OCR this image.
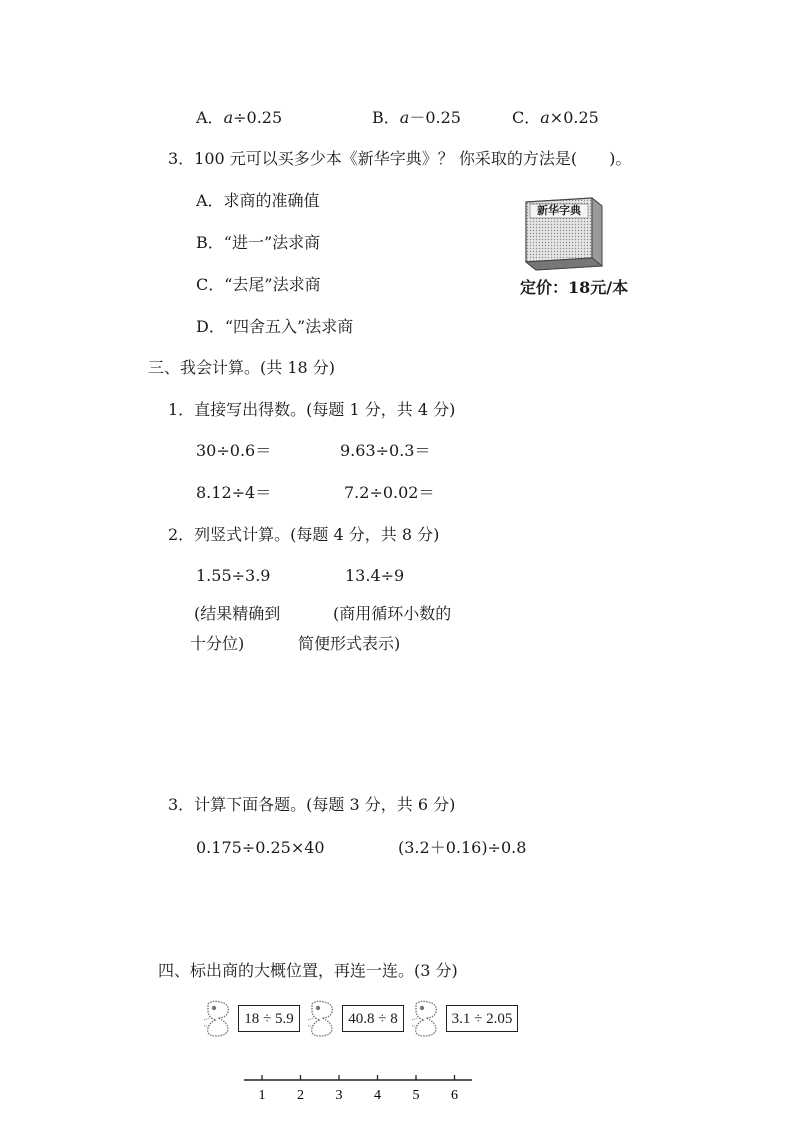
A．a÷0.25	B．a－0.25	C．a×0.25
3．100 元可以买多少本《新华字典》？ 你采取的方法是(　　)。
A．求商的准确值
B．“进一”法求商
C．“去尾”法求商
D．“四舍五入”法求商
新华字典
定价：18元/本
三、我会计算。(共 18 分)
1．直接写出得数。(每题 1 分，共 4 分)
30÷0.6＝	9.63÷0.3＝
8.12÷4＝	7.2÷0.02＝
2．列竖式计算。(每题 4 分，共 8 分)
1.55÷3.9	13.4÷9
(结果精确到
十分位)
(商用循环小数的
简便形式表示)
3．计算下面各题。(每题 3 分，共 6 分)
0.175÷0.25×40	(3.2＋0.16)÷0.8
四、标出商的大概位置，再连一连。(3 分)
18 ÷ 5.9	40.8 ÷ 8	3.1 ÷ 2.05
1 2 3 4 5 6
